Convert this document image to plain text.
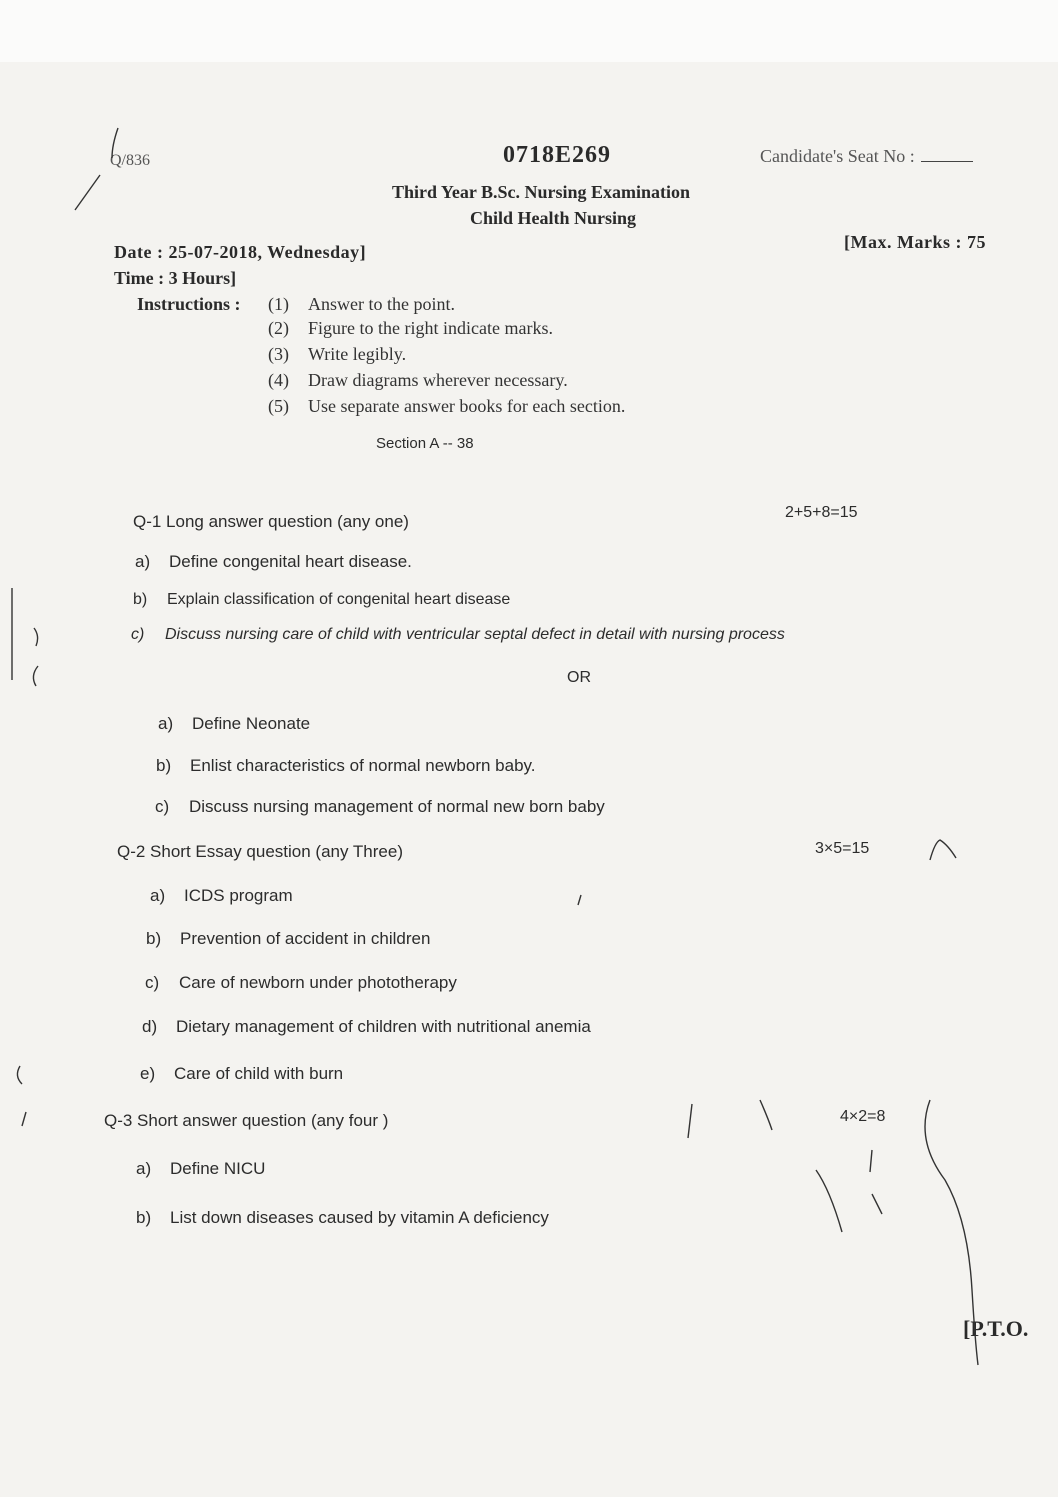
Q/836	0718E269	Candidate's Seat No :
Third Year B.Sc. Nursing Examination
Child Health Nursing
Date : 25-07-2018, Wednesday]	[Max. Marks : 75
Time : 3 Hours]
Instructions : (1) Answer to the point.
(2) Figure to the right indicate marks.
(3) Write legibly.
(4) Draw diagrams wherever necessary.
(5) Use separate answer books for each section.
Section A -- 38
Q-1 Long answer question (any one)	2+5+8=15
a) Define congenital heart disease.
b) Explain classification of congenital heart disease
c) Discuss nursing care of child with ventricular septal defect in detail with nursing process
OR
a) Define Neonate
b) Enlist characteristics of normal newborn baby.
c) Discuss nursing management of normal new born baby
Q-2 Short Essay question (any Three)	3×5=15
a) ICDS program
b) Prevention of accident in children
c) Care of newborn under phototherapy
d) Dietary management of children with nutritional anemia
e) Care of child with burn
Q-3 Short answer question (any four )	4×2=8
a) Define NICU
b) List down diseases caused by vitamin A deficiency
[P.T.O.
